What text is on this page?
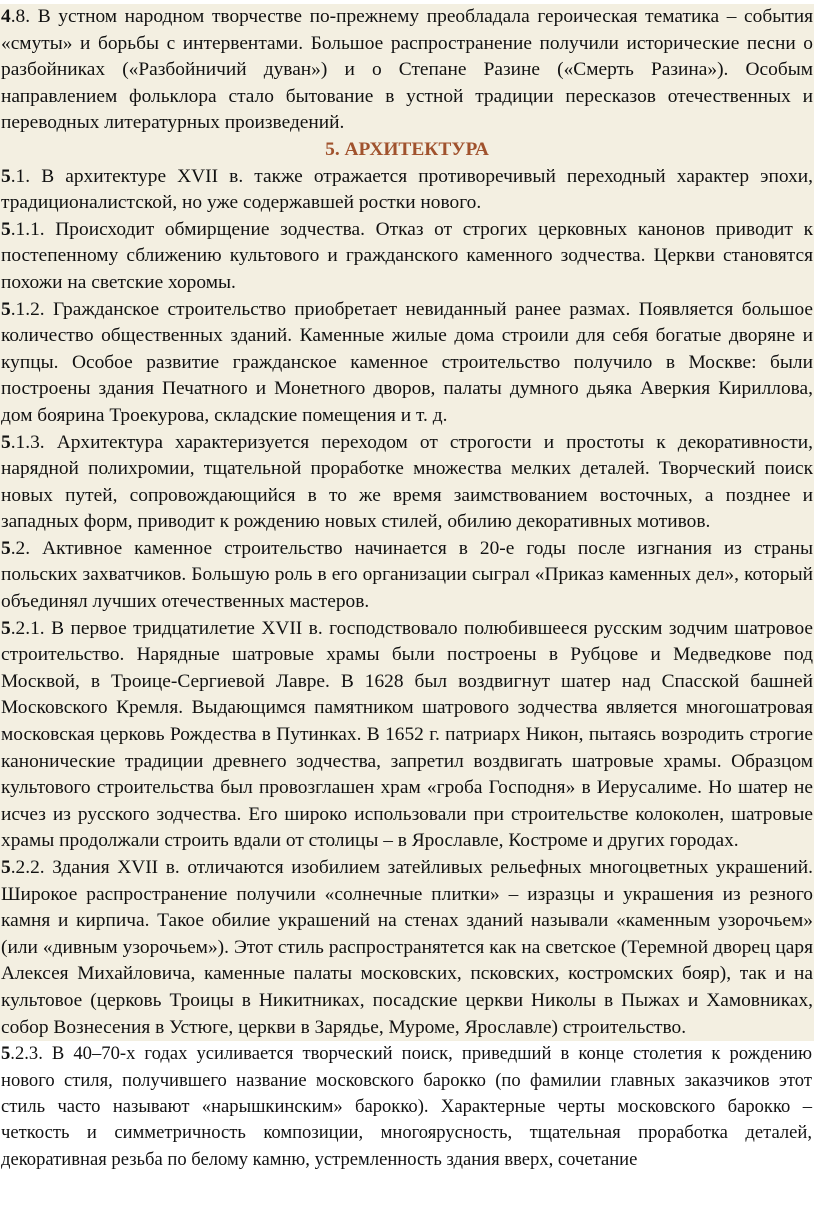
4.8. В устном народном творчестве по-прежнему преобладала героическая тематика – события «смуты» и борьбы с интервентами. Большое распространение получили исторические песни о разбойниках («Разбойничий дуван») и о Степане Разине («Смерть Разина»). Особым направлением фольклора стало бытование в устной традиции пересказов отечественных и переводных литературных произведений.

5. АРХИТЕКТУРА

5.1. В архитектуре XVII в. также отражается противоречивый переходный характер эпохи, традиционалистской, но уже содержавшей ростки нового.

5.1.1. Происходит обмирщение зодчества. Отказ от строгих церковных канонов приводит к постепенному сближению культового и гражданского каменного зодчества. Церкви становятся похожи на светские хоромы.

5.1.2. Гражданское строительство приобретает невиданный ранее размах. Появляется большое количество общественных зданий. Каменные жилые дома строили для себя богатые дворяне и купцы. Особое развитие гражданское каменное строительство получило в Москве: были построены здания Печатного и Монетного дворов, палаты думного дьяка Аверкия Кириллова, дом боярина Троекурова, складские помещения и т. д.

5.1.3. Архитектура характеризуется переходом от строгости и простоты к декоративности, нарядной полихромии, тщательной проработке множества мелких деталей. Творческий поиск новых путей, сопровождающийся в то же время заимствованием восточных, а позднее и западных форм, приводит к рождению новых стилей, обилию декоративных мотивов.

5.2. Активное каменное строительство начинается в 20-е годы после изгнания из страны польских захватчиков. Большую роль в его организации сыграл «Приказ каменных дел», который объединял лучших отечественных мастеров.

5.2.1. В первое тридцатилетие XVII в. господствовало полюбившееся русским зодчим шатровое строительство. Нарядные шатровые храмы были построены в Рубцове и Медведкове под Москвой, в Троице-Сергиевой Лавре. В 1628 был воздвигнут шатер над Спасской башней Московского Кремля. Выдающимся памятником шатрового зодчества является многошатровая московская церковь Рождества в Путинках. В 1652 г. патриарх Никон, пытаясь возродить строгие канонические традиции древнего зодчества, запретил воздвигать шатровые храмы. Образцом культового строительства был провозглашен храм «гроба Господня» в Иерусалиме. Но шатер не исчез из русского зодчества. Его широко использовали при строительстве колоколен, шатровые храмы продолжали строить вдали от столицы – в Ярославле, Костроме и других городах.

5.2.2. Здания XVII в. отличаются изобилием затейливых рельефных многоцветных украшений. Широкое распространение получили «солнечные плитки» – изразцы и украшения из резного камня и кирпича. Такое обилие украшений на стенах зданий называли «каменным узорочьем» (или «дивным узорочьем»). Этот стиль распространятется как на светское (Теремной дворец царя Алексея Михайловича, каменные палаты московских, псковских, костромских бояр), так и на культовое (церковь Троицы в Никитниках, посадские церкви Николы в Пыжах и Хамовниках, собор Вознесения в Устюге, церкви в Зарядье, Муроме, Ярославле) строительство.

5.2.3. В 40–70-х годах усиливается творческий поиск, приведший в конце столетия к рождению нового стиля, получившего название московского барокко (по фамилии главных заказчиков этот стиль часто называют «нарышкинским» барокко). Характерные черты московского барокко – четкость и симметричность композиции, многоярусность, тщательная проработка деталей, декоративная резьба по белому камню, устремленность здания вверх, сочетание
